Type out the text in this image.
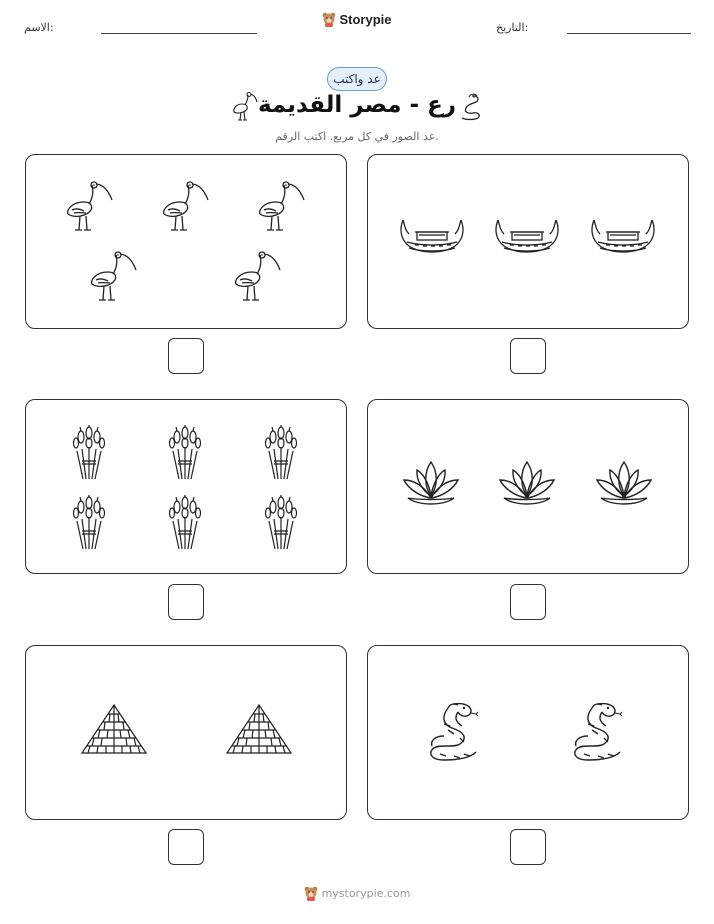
الاسم:
Storypie
التاريخ:
عد واكتب
رع - مصر القديمة
عد الصور في كل مربع. اكتب الرقم.
mystorypie.com
